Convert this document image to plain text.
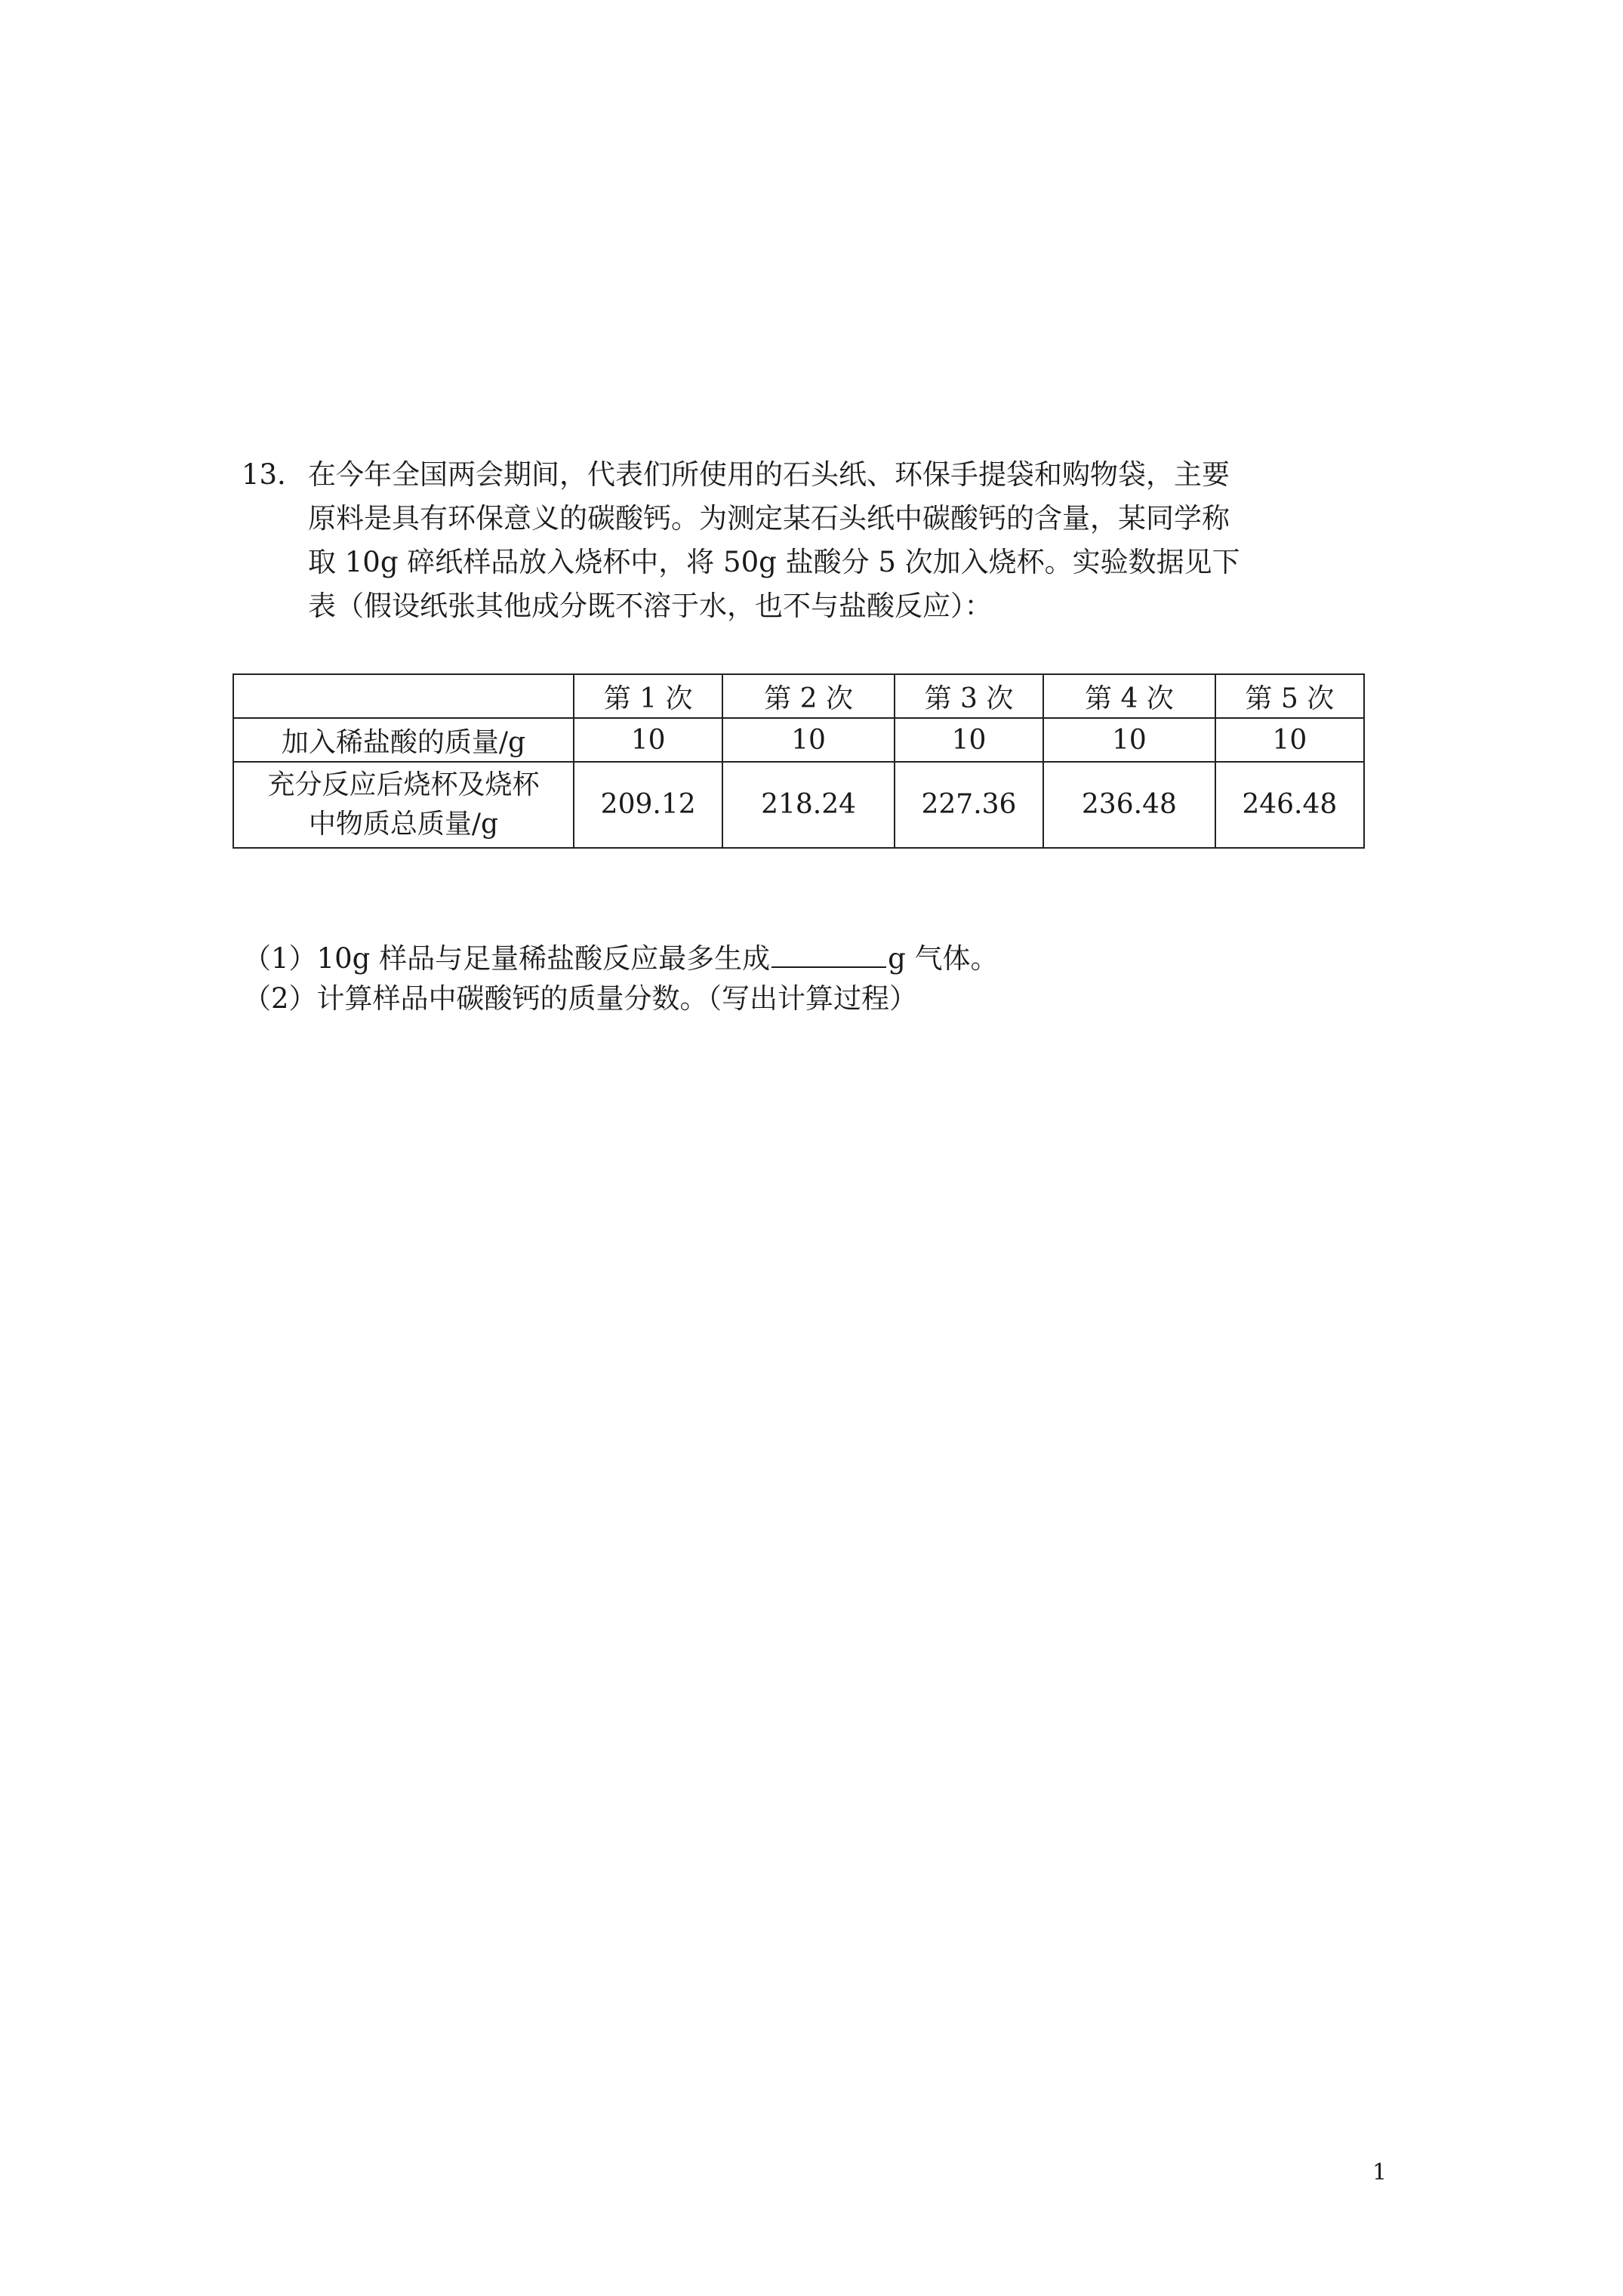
13． 在今年全国两会期间，代表们所使用的石头纸、环保手提袋和购物袋，主要
原料是具有环保意义的碳酸钙。为测定某石头纸中碳酸钙的含量，某同学称
取 10g 碎纸样品放入烧杯中，将 50g 盐酸分 5 次加入烧杯。实验数据见下
表（假设纸张其他成分既不溶于水，也不与盐酸反应）：
	第 1 次	第 2 次	第 3 次	第 4 次	第 5 次
加入稀盐酸的质量/g	10	10	10	10	10

充分反应后烧杯及烧杯
中物质总质量/g	209.12	218.24	227.36	236.48	246.48
（1）10g 样品与足量稀盐酸反应最多生成	g 气体。
（2）计算样品中碳酸钙的质量分数。（写出计算过程）
1
